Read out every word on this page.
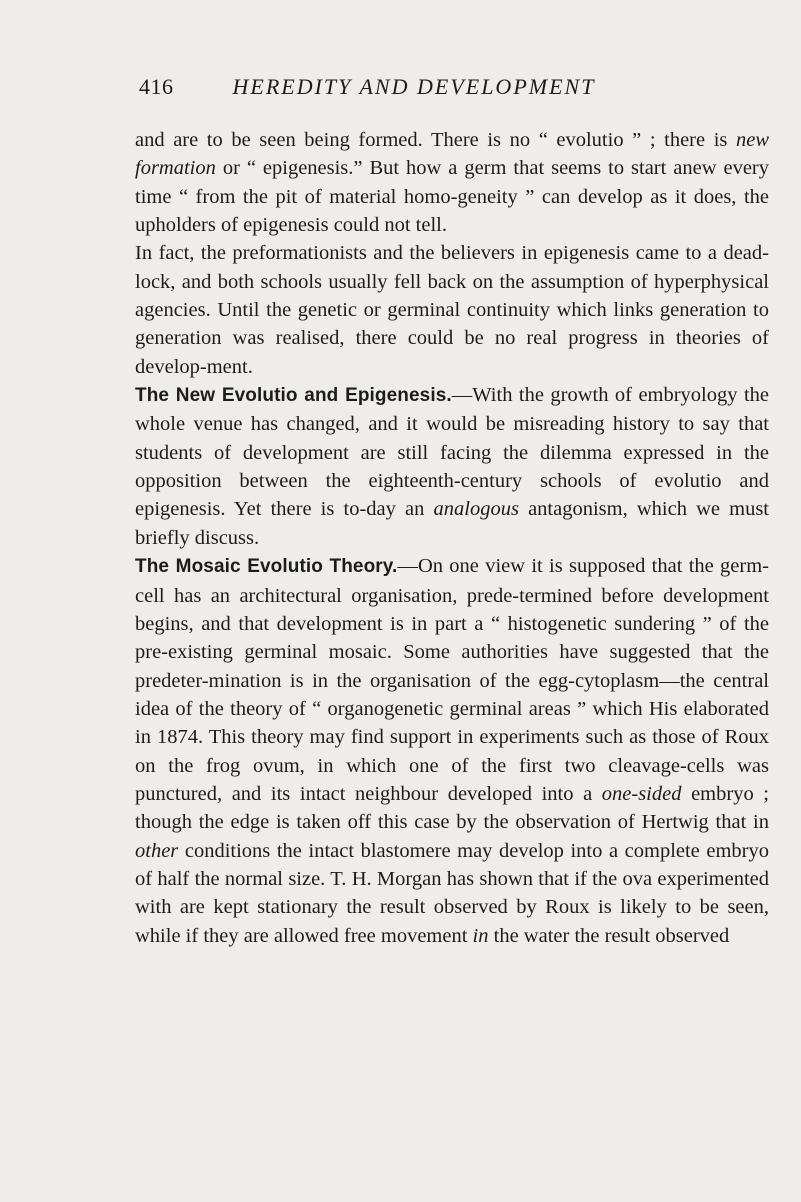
416	HEREDITY AND DEVELOPMENT

and are to be seen being formed. There is no “ evolutio ” ; there is new formation or “ epigenesis.” But how a germ that seems to start anew every time “ from the pit of material homo-geneity ” can develop as it does, the upholders of epigenesis could not tell.

In fact, the preformationists and the believers in epigenesis came to a dead-lock, and both schools usually fell back on the assumption of hyperphysical agencies. Until the genetic or germinal continuity which links generation to generation was realised, there could be no real progress in theories of develop-ment.

The New Evolutio and Epigenesis.—With the growth of embryology the whole venue has changed, and it would be misreading history to say that students of development are still facing the dilemma expressed in the opposition between the eighteenth-century schools of evolutio and epigenesis. Yet there is to-day an analogous antagonism, which we must briefly discuss.

The Mosaic Evolutio Theory.—On one view it is supposed that the germ-cell has an architectural organisation, prede-termined before development begins, and that development is in part a “ histogenetic sundering ” of the pre-existing germinal mosaic. Some authorities have suggested that the predeter-mination is in the organisation of the egg-cytoplasm—the central idea of the theory of “ organogenetic germinal areas ” which His elaborated in 1874. This theory may find support in experiments such as those of Roux on the frog ovum, in which one of the first two cleavage-cells was punctured, and its intact neighbour developed into a one-sided embryo ; though the edge is taken off this case by the observation of Hertwig that in other conditions the intact blastomere may develop into a complete embryo of half the normal size. T. H. Morgan has shown that if the ova experimented with are kept stationary the result observed by Roux is likely to be seen, while if they are allowed free movement in the water the result observed
